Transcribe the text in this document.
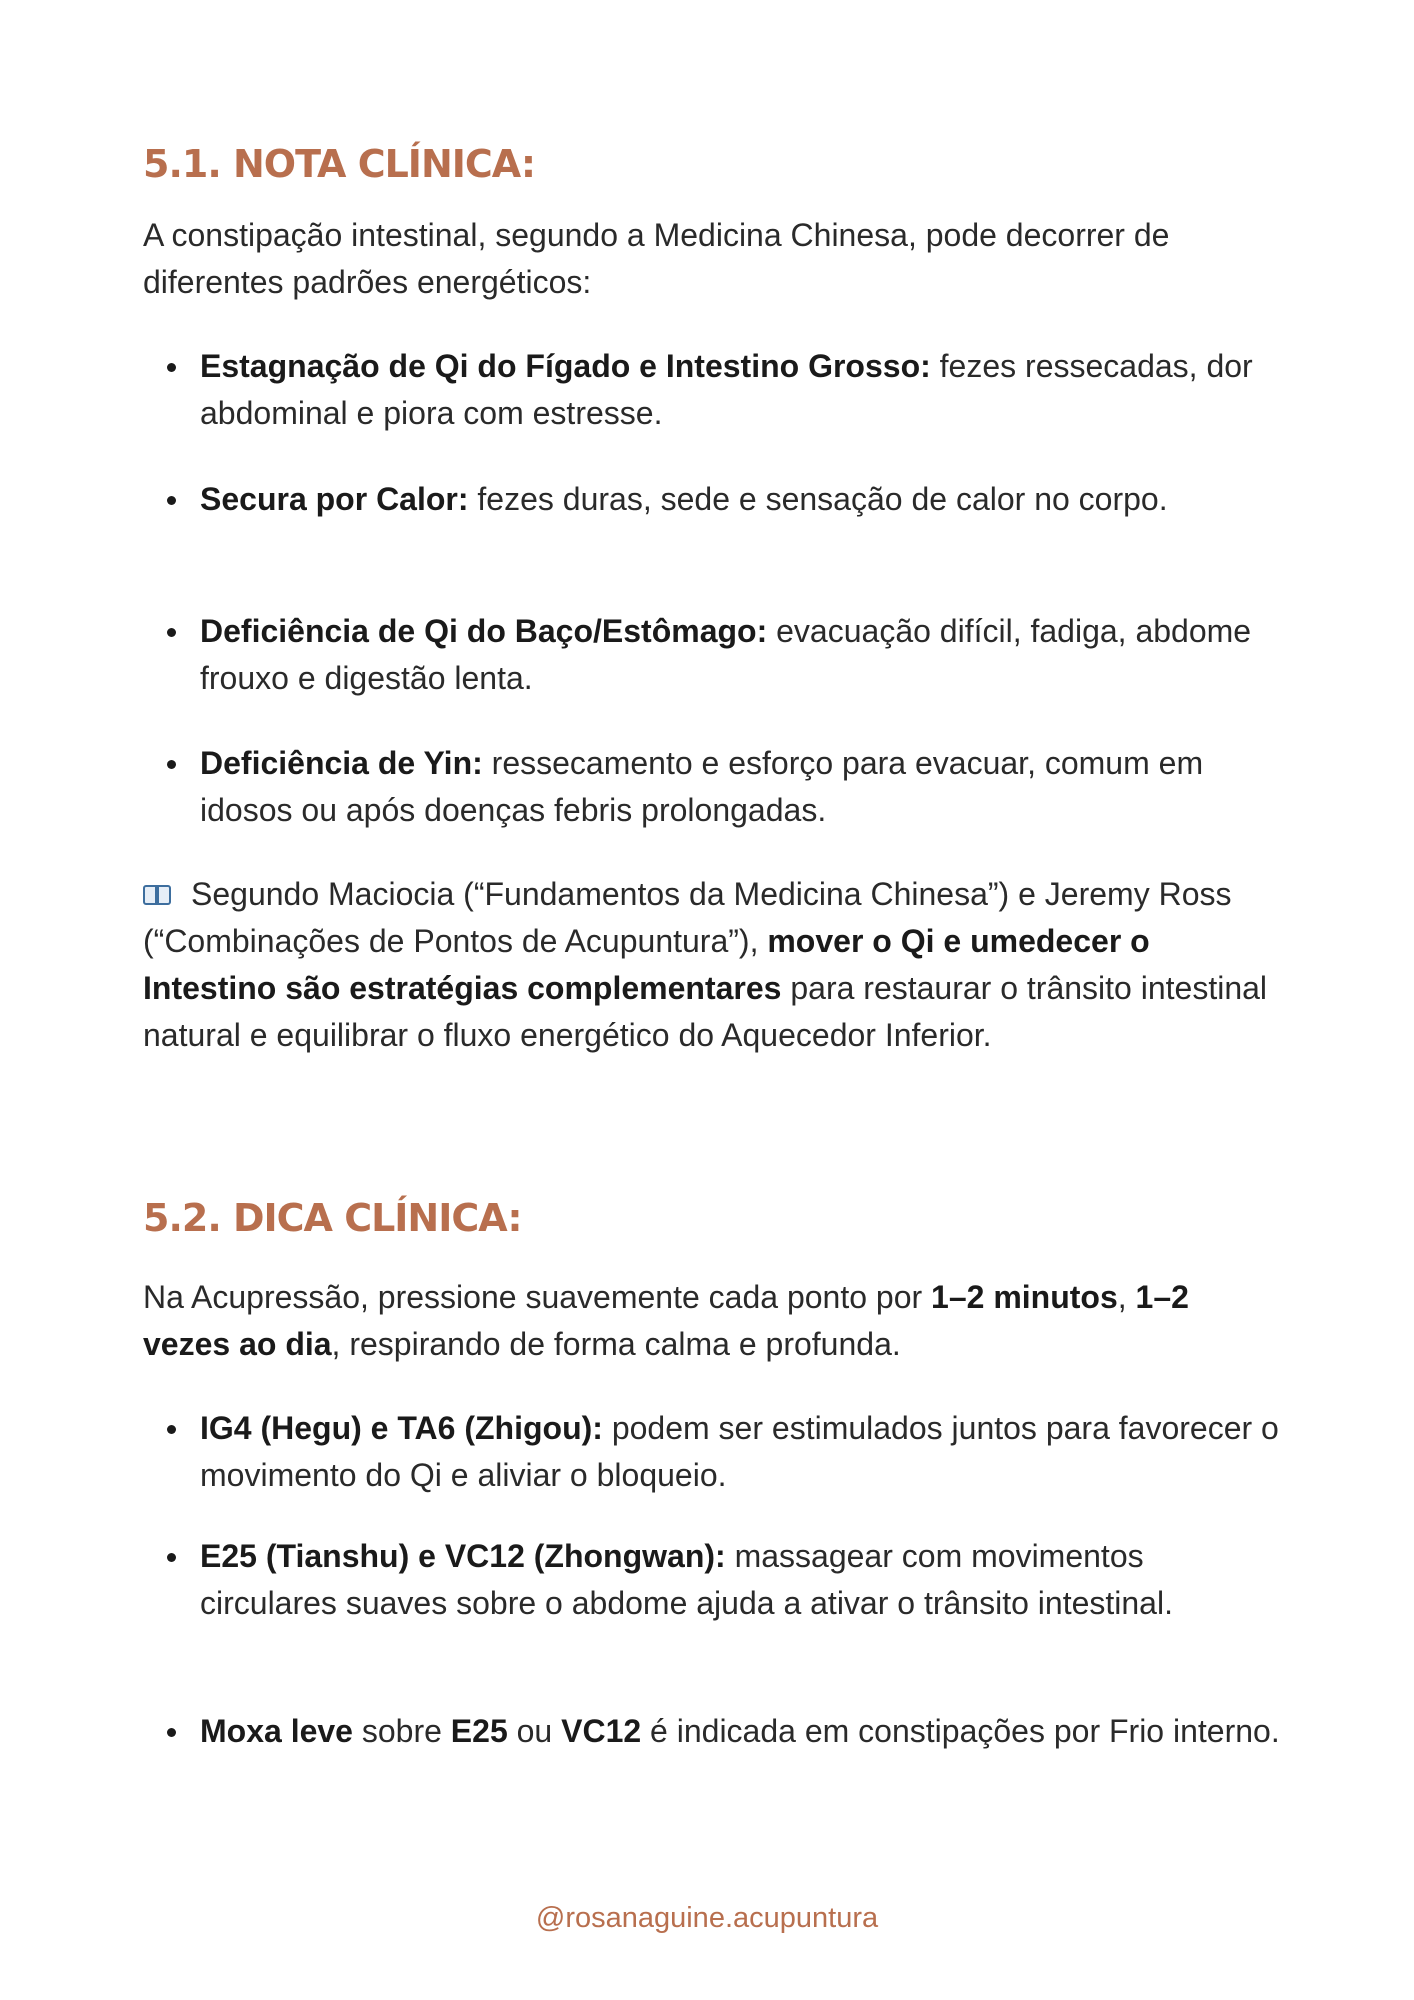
5.1. NOTA CLÍNICA:

A constipação intestinal, segundo a Medicina Chinesa, pode decorrer de diferentes padrões energéticos:

Estagnação de Qi do Fígado e Intestino Grosso: fezes ressecadas, dor abdominal e piora com estresse.

Secura por Calor: fezes duras, sede e sensação de calor no corpo.

Deficiência de Qi do Baço/Estômago: evacuação difícil, fadiga, abdome frouxo e digestão lenta.

Deficiência de Yin: ressecamento e esforço para evacuar, comum em idosos ou após doenças febris prolongadas.

Segundo Maciocia (“Fundamentos da Medicina Chinesa”) e Jeremy Ross (“Combinações de Pontos de Acupuntura”), mover o Qi e umedecer o Intestino são estratégias complementares para restaurar o trânsito intestinal natural e equilibrar o fluxo energético do Aquecedor Inferior.

5.2. DICA CLÍNICA:

Na Acupressão, pressione suavemente cada ponto por 1–2 minutos, 1–2 vezes ao dia, respirando de forma calma e profunda.

IG4 (Hegu) e TA6 (Zhigou): podem ser estimulados juntos para favorecer o movimento do Qi e aliviar o bloqueio.

E25 (Tianshu) e VC12 (Zhongwan): massagear com movimentos circulares suaves sobre o abdome ajuda a ativar o trânsito intestinal.

Moxa leve sobre E25 ou VC12 é indicada em constipações por Frio interno.

@rosanaguine.acupuntura
